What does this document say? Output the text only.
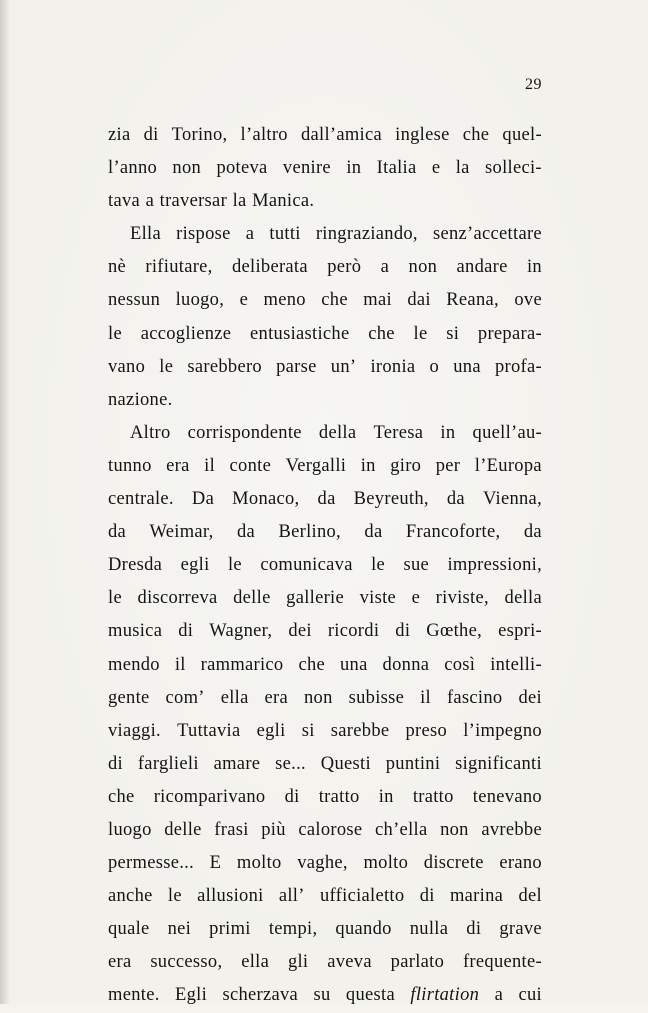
29
zia di Torino, l’altro dall’amica inglese che quel-
l’anno non poteva venire in Italia e la solleci-
tava a traversar la Manica.
Ella rispose a tutti ringraziando, senz’accettare
nè rifiutare, deliberata però a non andare in
nessun luogo, e meno che mai dai Reana, ove
le accoglienze entusiastiche che le si prepara-
vano le sarebbero parse un’ ironia o una profa-
nazione.
Altro corrispondente della Teresa in quell’au-
tunno era il conte Vergalli in giro per l’Europa
centrale. Da Monaco, da Beyreuth, da Vienna,
da Weimar, da Berlino, da Francoforte, da
Dresda egli le comunicava le sue impressioni,
le discorreva delle gallerie viste e riviste, della
musica di Wagner, dei ricordi di Gœthe, espri-
mendo il rammarico che una donna così intelli-
gente com’ ella era non subisse il fascino dei
viaggi. Tuttavia egli si sarebbe preso l’impegno
di farglieli amare se... Questi puntini significanti
che ricomparivano di tratto in tratto tenevano
luogo delle frasi più calorose ch’ella non avrebbe
permesse... E molto vaghe, molto discrete erano
anche le allusioni all’ ufficialetto di marina del
quale nei primi tempi, quando nulla di grave
era successo, ella gli aveva parlato frequente-
mente. Egli scherzava su questa flirtation a cui
